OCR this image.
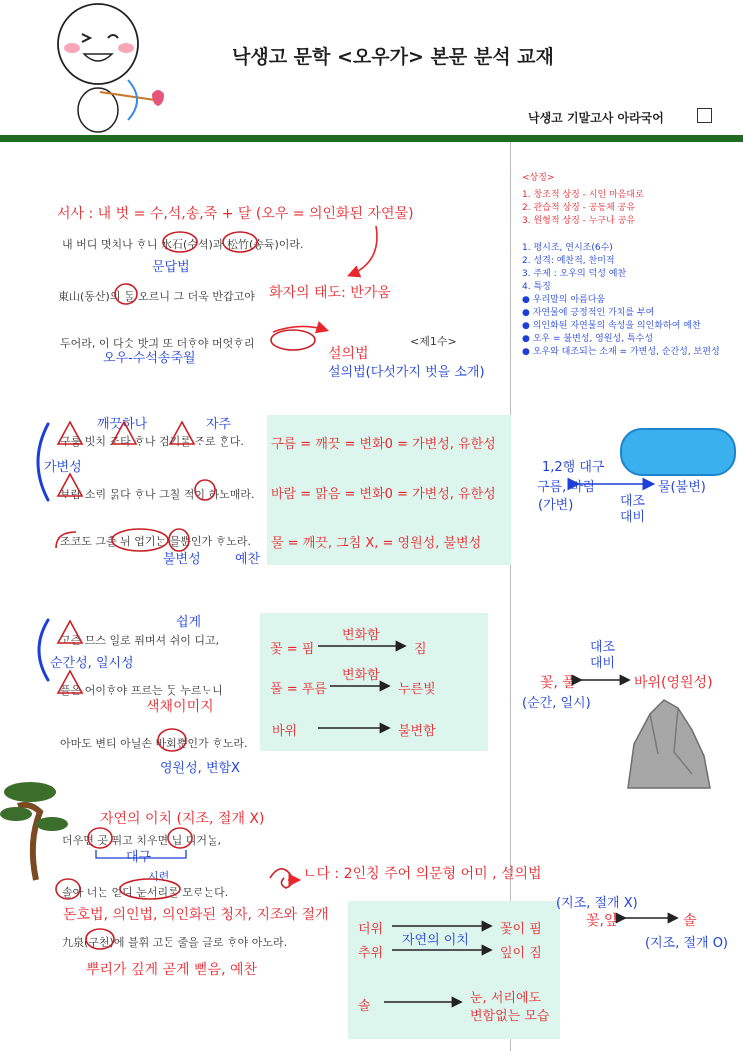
낙생고 문학 <오우가> 본문 분석 교재
낙생고 기말고사 아라국어
<상징>
1. 창조적 상징 - 시인 마음대로
2. 관습적 상징 - 공동체 공유
3. 원형적 상징 - 누구나 공유
1. 평시조, 연시조(6수)
2. 성격: 예찬적, 찬미적
3. 주제 : 오우의 덕성 예찬
4. 특징
● 우리말의 아름다움
● 자연물에 긍정적인 가치를 부여
● 의인화된 자연물의 속성을 의인화하여 예찬
● 오우 = 불변성, 영원성, 특수성
● 오우와 대조되는 소재 = 가변성, 순간성, 보편성
서사 : 내 벗 = 수,석,송,죽 + 달 (오우 = 의인화된 자연물)
내 버디 몃치나 ᄒᆞ니 水石(수셕)과 松竹(송듁)이라.
문답법
東山(동산)의 ᄃᆞᆯ 오르니 그 더욱 반갑고야 화자의 태도: 반가움
두어라, 이 다ᄉᆞᆺ 밧긔 또 더ᄒᆞ야 머엇ᄒᆞ리	<제1수>
오우-수석송죽월	설의법
설의법(다섯가지 벗을 소개)
깨끗하나	자주
구룸 빗치 조타 ᄒᆞ나 검기ᄅᆞᆯ ᄌᆞ로 ᄒᆞᆫ다.
가변성
ᄇᆞ람 소ᄅᆡ ᄆᆞᆰ다 ᄒᆞ나 그칠 적이 하노매라.
조코도 그츨 뉘 업기ᄂᆞᆫ 믈뿐인가 ᄒᆞ노라.
불변성	예찬
구름 = 깨끗 = 변화0 = 가변성, 유한성
바람 = 맑음 = 변화0 = 가변성, 유한성
물 = 깨끗, 그침 X, = 영원성, 불변성
1,2행 대구
구름, 바람
(가변)
물(불변)
대조
대비
쉽게
고즌 므스 일로 퓌며셔 쉬이 디고,
순간성, 일시성
플은 어이ᄒᆞ야 프르는 ᄃᆞᆺ 누르ᄂᆞ니
색채이미지
아마도 변티 아닐손 바회뿐인가 ᄒᆞ노라.
영원성, 변함X
꽃 = 핌
변화함
짐
풀 = 푸름
변화함
누른빛
바위	불변함
대조
대비
꽃, 풀
(순간, 일시)
바위(영원성)
자연의 이치 (지조, 절개 X)
더우면 곳 퓌고 치우면 닙 디거ᄂᆞᆯ,
대구
ㄴ다 : 2인칭 주어 의문형 어미 , 설의법
시련
솔아 너ᄂᆞᆫ 얻디 눈서리ᄅᆞᆯ 모ᄅᆞᄂᆞᆫ다.
돈호법, 의인법, 의인화된 청자, 지조와 절개
九泉(구천)에 블휘 고ᄃᆞᆫ 줄을 글로 ᄒᆞ야 아노라.
뿌리가 깊게 곧게 뻗음, 예찬
더위
추위
자연의 이치
꽃이 핌
잎이 짐
솔
눈, 서리에도
변함없는 모습
(지조, 절개 X)
꽃,잎	솔
(지조, 절개 O)
